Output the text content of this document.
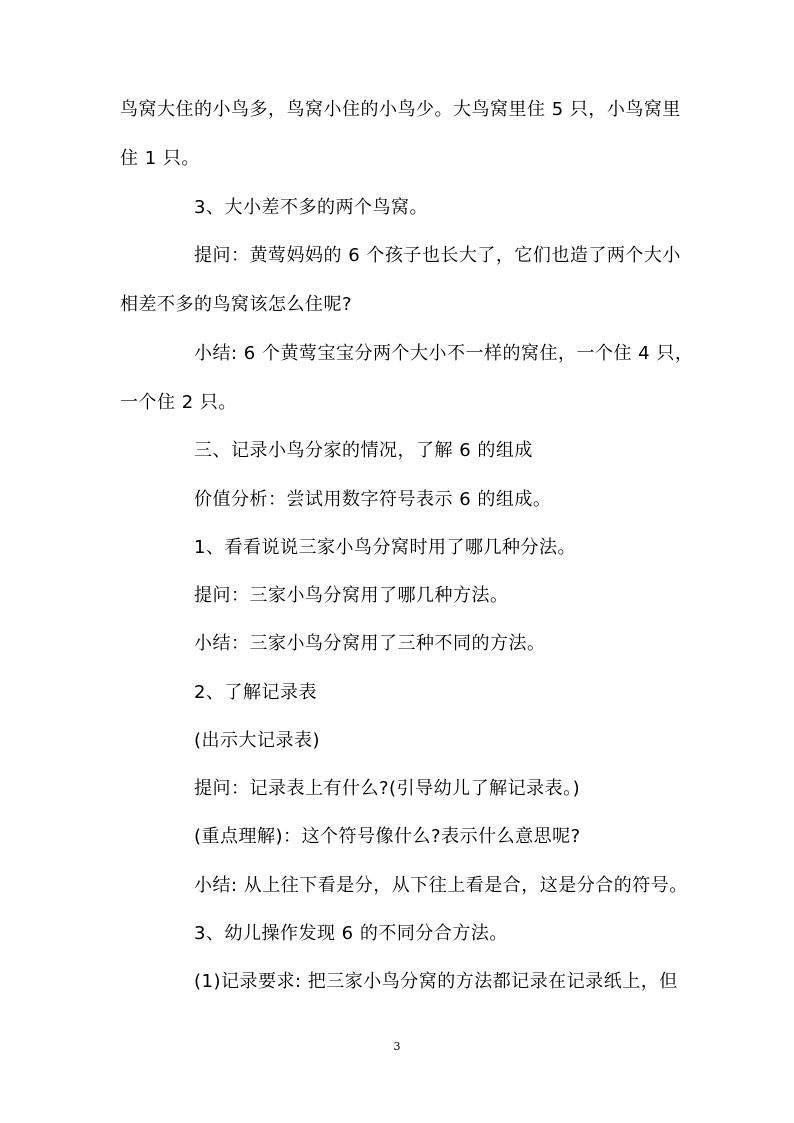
鸟窝大住的小鸟多，鸟窝小住的小鸟少。大鸟窝里住 5 只，小鸟窝里
住 1 只。
3、大小差不多的两个鸟窝。
提问：黄莺妈妈的 6 个孩子也长大了，它们也造了两个大小
相差不多的鸟窝该怎么住呢?
小结: 6 个黄莺宝宝分两个大小不一样的窝住，一个住 4 只，
一个住 2 只。
三、记录小鸟分家的情况，了解 6 的组成
价值分析：尝试用数字符号表示 6 的组成。
1、看看说说三家小鸟分窝时用了哪几种分法。
提问：三家小鸟分窝用了哪几种方法。
小结：三家小鸟分窝用了三种不同的方法。
2、了解记录表
(出示大记录表)
提问：记录表上有什么?(引导幼儿了解记录表。)
(重点理解)：这个符号像什么?表示什么意思呢?
小结: 从上往下看是分，从下往上看是合，这是分合的符号。
3、幼儿操作发现 6 的不同分合方法。
(1)记录要求: 把三家小鸟分窝的方法都记录在记录纸上，但
3
